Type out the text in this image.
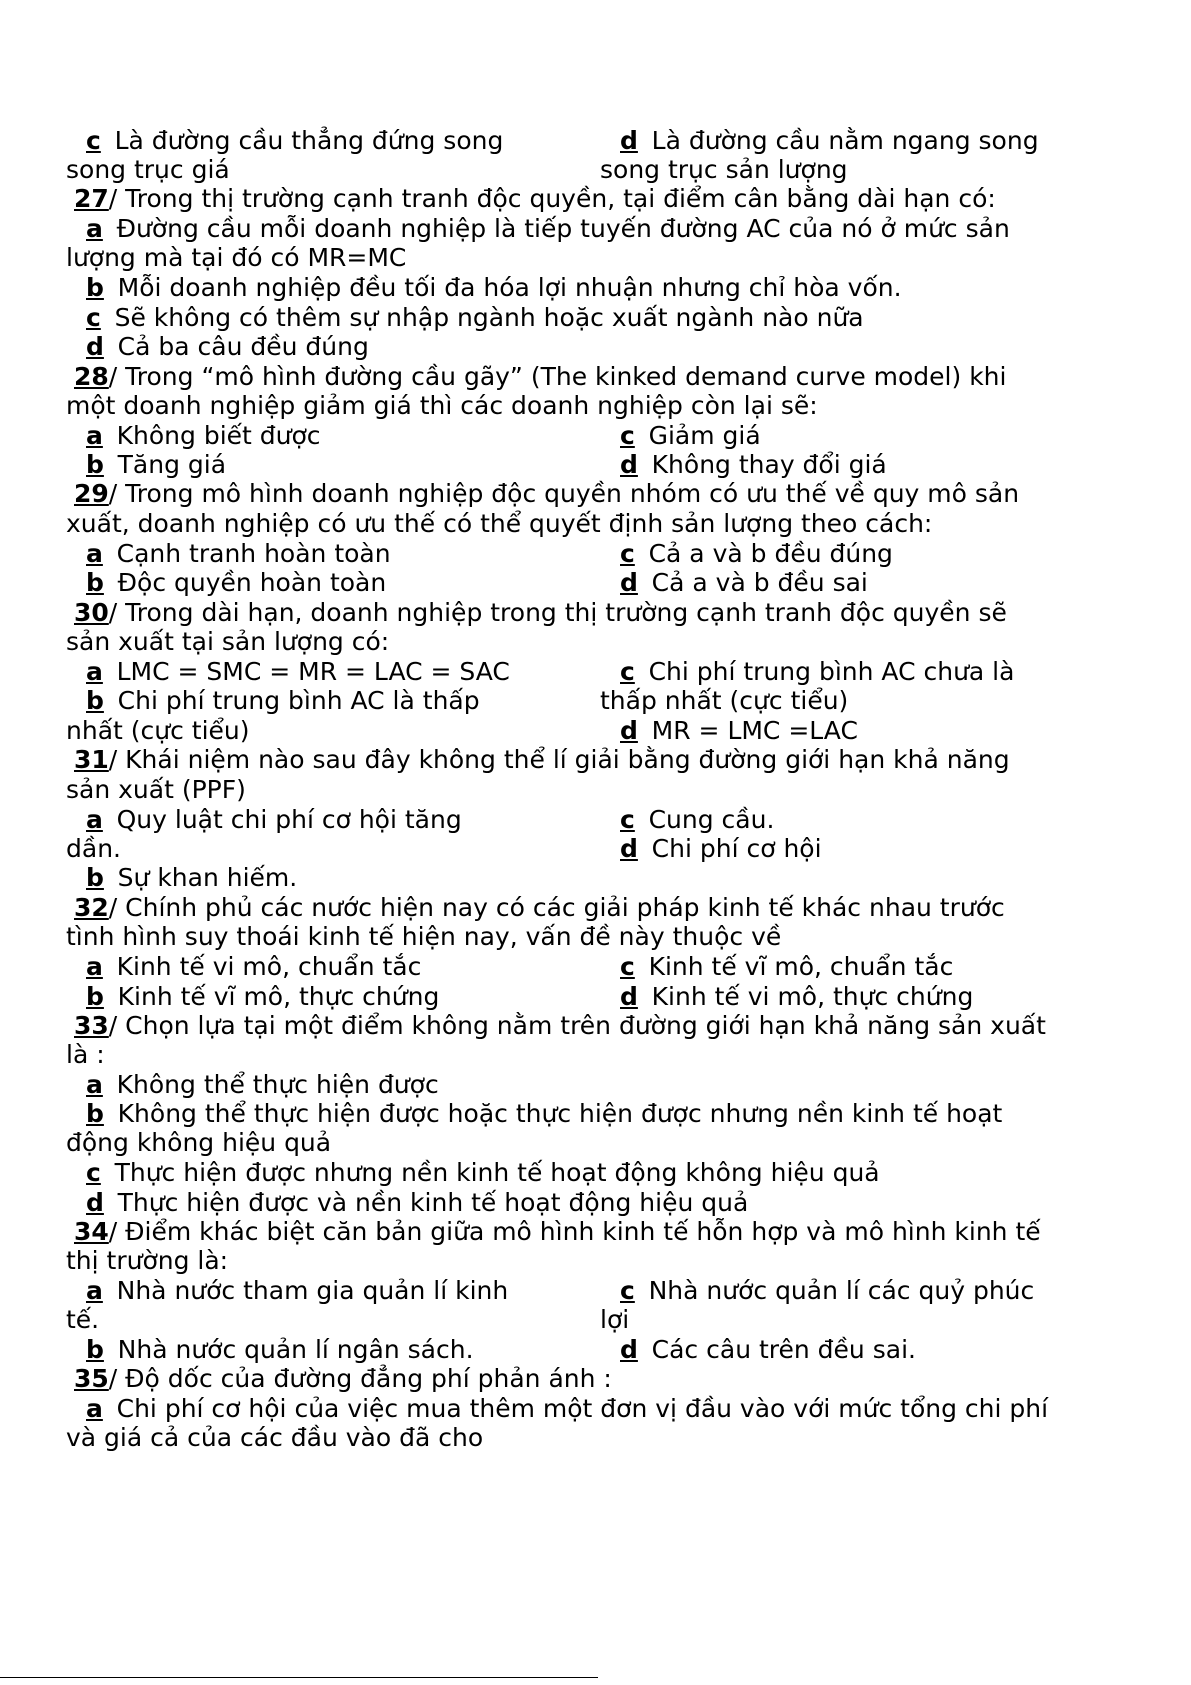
c Là đường cầu thẳng đứng song	d Là đường cầu nằm ngang song
song trục giá	song trục sản lượng
27/ Trong thị trường cạnh tranh độc quyền, tại điểm cân bằng dài hạn có:
a Đường cầu mỗi doanh nghiệp là tiếp tuyến đường AC của nó ở mức sản
lượng mà tại đó có MR=MC
b Mỗi doanh nghiệp đều tối đa hóa lợi nhuận nhưng chỉ hòa vốn.
c Sẽ không có thêm sự nhập ngành hoặc xuất ngành nào nữa
d Cả ba câu đều đúng
28/ Trong “mô hình đường cầu gãy” (The kinked demand curve model) khi
một doanh nghiệp giảm giá thì các doanh nghiệp còn lại sẽ:
a Không biết được	c Giảm giá
b Tăng giá	d Không thay đổi giá
29/ Trong mô hình doanh nghiệp độc quyền nhóm có ưu thế về quy mô sản
xuất, doanh nghiệp có ưu thế có thể quyết định sản lượng theo cách:
a Cạnh tranh hoàn toàn	c Cả a và b đều đúng
b Độc quyền hoàn toàn	d Cả a và b đều sai
30/ Trong dài hạn, doanh nghiệp trong thị trường cạnh tranh độc quyền sẽ
sản xuất tại sản lượng có:
a LMC = SMC = MR = LAC = SAC	c Chi phí trung bình AC chưa là
b Chi phí trung bình AC là thấp	thấp nhất (cực tiểu)
nhất (cực tiểu)	d MR = LMC =LAC
31/ Khái niệm nào sau đây không thể lí giải bằng đường giới hạn khả năng
sản xuất (PPF)
a Quy luật chi phí cơ hội tăng	c Cung cầu.
dần.	d Chi phí cơ hội
b Sự khan hiếm.
32/ Chính phủ các nước hiện nay có các giải pháp kinh tế khác nhau trước
tình hình suy thoái kinh tế hiện nay, vấn đề này thuộc về
a Kinh tế vi mô, chuẩn tắc	c Kinh tế vĩ mô, chuẩn tắc
b Kinh tế vĩ mô, thực chứng	d Kinh tế vi mô, thực chứng
33/ Chọn lựa tại một điểm không nằm trên đường giới hạn khả năng sản xuất
là :
a Không thể thực hiện được
b Không thể thực hiện được hoặc thực hiện được nhưng nền kinh tế hoạt
động không hiệu quả
c Thực hiện được nhưng nền kinh tế hoạt động không hiệu quả
d Thực hiện được và nền kinh tế hoạt động hiệu quả
34/ Điểm khác biệt căn bản giữa mô hình kinh tế hỗn hợp và mô hình kinh tế
thị trường là:
a Nhà nước tham gia quản lí kinh	c Nhà nước quản lí các quỷ phúc
tế.	lợi
b Nhà nước quản lí ngân sách.	d Các câu trên đều sai.
35/ Độ dốc của đường đẳng phí phản ánh :
a Chi phí cơ hội của việc mua thêm một đơn vị đầu vào với mức tổng chi phí
và giá cả của các đầu vào đã cho
